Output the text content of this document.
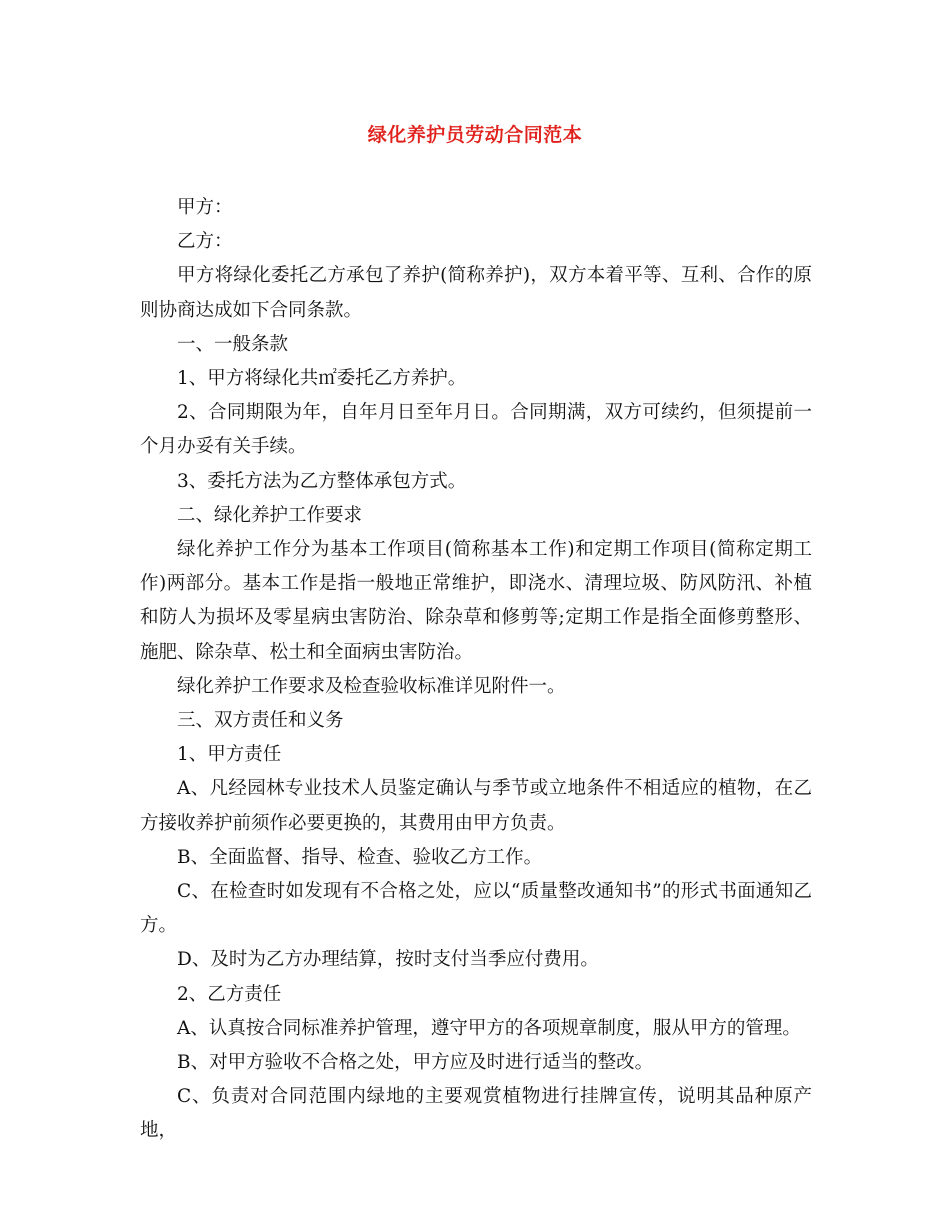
绿化养护员劳动合同范本

甲方：

乙方：

甲方将绿化委托乙方承包了养护(简称养护)，双方本着平等、互利、合作的原则协商达成如下合同条款。

一、一般条款

1、甲方将绿化共㎡委托乙方养护。

2、合同期限为年，自年月日至年月日。合同期满，双方可续约，但须提前一个月办妥有关手续。

3、委托方法为乙方整体承包方式。

二、绿化养护工作要求

绿化养护工作分为基本工作项目(简称基本工作)和定期工作项目(简称定期工作)两部分。基本工作是指一般地正常维护，即浇水、清理垃圾、防风防汛、补植和防人为损坏及零星病虫害防治、除杂草和修剪等;定期工作是指全面修剪整形、施肥、除杂草、松土和全面病虫害防治。

绿化养护工作要求及检查验收标准详见附件一。

三、双方责任和义务

1、甲方责任

A、凡经园林专业技术人员鉴定确认与季节或立地条件不相适应的植物，在乙方接收养护前须作必要更换的，其费用由甲方负责。

B、全面监督、指导、检查、验收乙方工作。

C、在检查时如发现有不合格之处，应以“质量整改通知书”的形式书面通知乙方。

D、及时为乙方办理结算，按时支付当季应付费用。

2、乙方责任

A、认真按合同标准养护管理，遵守甲方的各项规章制度，服从甲方的管理。

B、对甲方验收不合格之处，甲方应及时进行适当的整改。

C、负责对合同范围内绿地的主要观赏植物进行挂牌宣传，说明其品种原产地，
